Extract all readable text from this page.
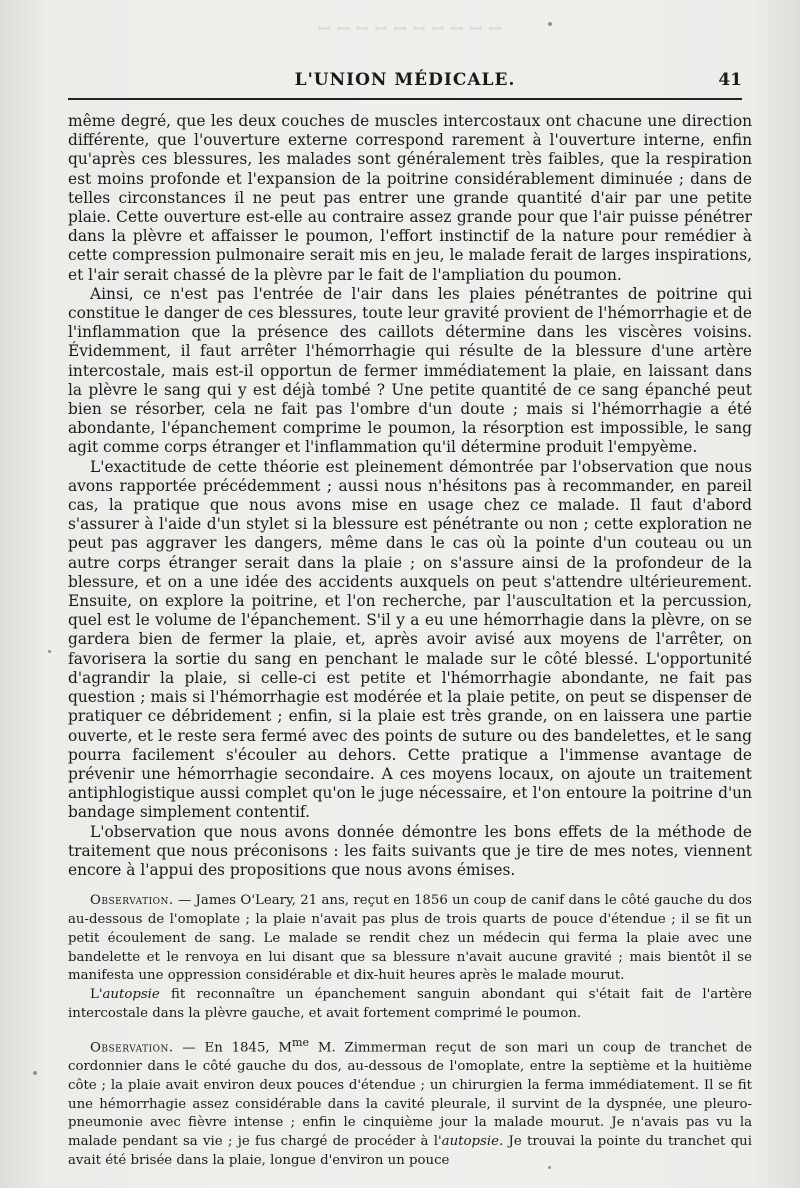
ꟷ ꟷ ꟷ ꟷ ꟷ ꟷ ꟷ ꟷ ꟷ ꟷ
L'UNION MÉDICALE.	41

même degré, que les deux couches de muscles intercostaux ont chacune une direction différente, que l'ouverture externe correspond rarement à l'ouverture interne, enfin qu'après ces blessures, les malades sont généralement très faibles, que la respiration est moins profonde et l'expansion de la poitrine considérablement diminuée ; dans de telles circonstances il ne peut pas entrer une grande quantité d'air par une petite plaie. Cette ouverture est-elle au contraire assez grande pour que l'air puisse pénétrer dans la plèvre et affaisser le poumon, l'effort instinctif de la nature pour remédier à cette compression pulmonaire serait mis en jeu, le malade ferait de larges inspirations, et l'air serait chassé de la plèvre par le fait de l'ampliation du poumon.

Ainsi, ce n'est pas l'entrée de l'air dans les plaies pénétrantes de poitrine qui constitue le danger de ces blessures, toute leur gravité provient de l'hémorrhagie et de l'inflammation que la présence des caillots détermine dans les viscères voisins. Évidemment, il faut arrêter l'hémorrhagie qui résulte de la blessure d'une artère intercostale, mais est-il opportun de fermer immédiatement la plaie, en laissant dans la plèvre le sang qui y est déjà tombé ? Une petite quantité de ce sang épanché peut bien se résorber, cela ne fait pas l'ombre d'un doute ; mais si l'hémorrhagie a été abondante, l'épanchement comprime le poumon, la résorption est impossible, le sang agit comme corps étranger et l'inflammation qu'il détermine produit l'empyème.

L'exactitude de cette théorie est pleinement démontrée par l'observation que nous avons rapportée précédemment ; aussi nous n'hésitons pas à recommander, en pareil cas, la pratique que nous avons mise en usage chez ce malade. Il faut d'abord s'assurer à l'aide d'un stylet si la blessure est pénétrante ou non ; cette exploration ne peut pas aggraver les dangers, même dans le cas où la pointe d'un couteau ou un autre corps étranger serait dans la plaie ; on s'assure ainsi de la profondeur de la blessure, et on a une idée des accidents auxquels on peut s'attendre ultérieurement. Ensuite, on explore la poitrine, et l'on recherche, par l'auscultation et la percussion, quel est le volume de l'épanchement. S'il y a eu une hémorrhagie dans la plèvre, on se gardera bien de fermer la plaie, et, après avoir avisé aux moyens de l'arrêter, on favorisera la sortie du sang en penchant le malade sur le côté blessé. L'opportunité d'agrandir la plaie, si celle-ci est petite et l'hémorrhagie abondante, ne fait pas question ; mais si l'hémorrhagie est modérée et la plaie petite, on peut se dispenser de pratiquer ce débridement ; enfin, si la plaie est très grande, on en laissera une partie ouverte, et le reste sera fermé avec des points de suture ou des bandelettes, et le sang pourra facilement s'écouler au dehors. Cette pratique a l'immense avantage de prévenir une hémorrhagie secondaire. A ces moyens locaux, on ajoute un traitement antiphlogistique aussi complet qu'on le juge nécessaire, et l'on entoure la poitrine d'un bandage simplement contentif.

L'observation que nous avons donnée démontre les bons effets de la méthode de traitement que nous préconisons : les faits suivants que je tire de mes notes, viennent encore à l'appui des propositions que nous avons émises.

Observation. — James O'Leary, 21 ans, reçut en 1856 un coup de canif dans le côté gauche du dos au-dessous de l'omoplate ; la plaie n'avait pas plus de trois quarts de pouce d'étendue ; il se fit un petit écoulement de sang. Le malade se rendit chez un médecin qui ferma la plaie avec une bandelette et le renvoya en lui disant que sa blessure n'avait aucune gravité ; mais bientôt il se manifesta une oppression considérable et dix-huit heures après le malade mourut.

L'autopsie fit reconnaître un épanchement sanguin abondant qui s'était fait de l'artère intercostale dans la plèvre gauche, et avait fortement comprimé le poumon.

Observation. — En 1845, $M^{me}$ M. Zimmerman reçut de son mari un coup de tranchet de cordonnier dans le côté gauche du dos, au-dessous de l'omoplate, entre la septième et la huitième côte ; la plaie avait environ deux pouces d'étendue ; un chirurgien la ferma immédiatement. Il se fit une hémorrhagie assez considérable dans la cavité pleurale, il survint de la dyspnée, une pleuro-pneumonie avec fièvre intense ; enfin le cinquième jour la malade mourut. Je n'avais pas vu la malade pendant sa vie ; je fus chargé de procéder à l'autopsie. Je trouvai la pointe du tranchet qui avait été brisée dans la plaie, longue d'environ un pouce
